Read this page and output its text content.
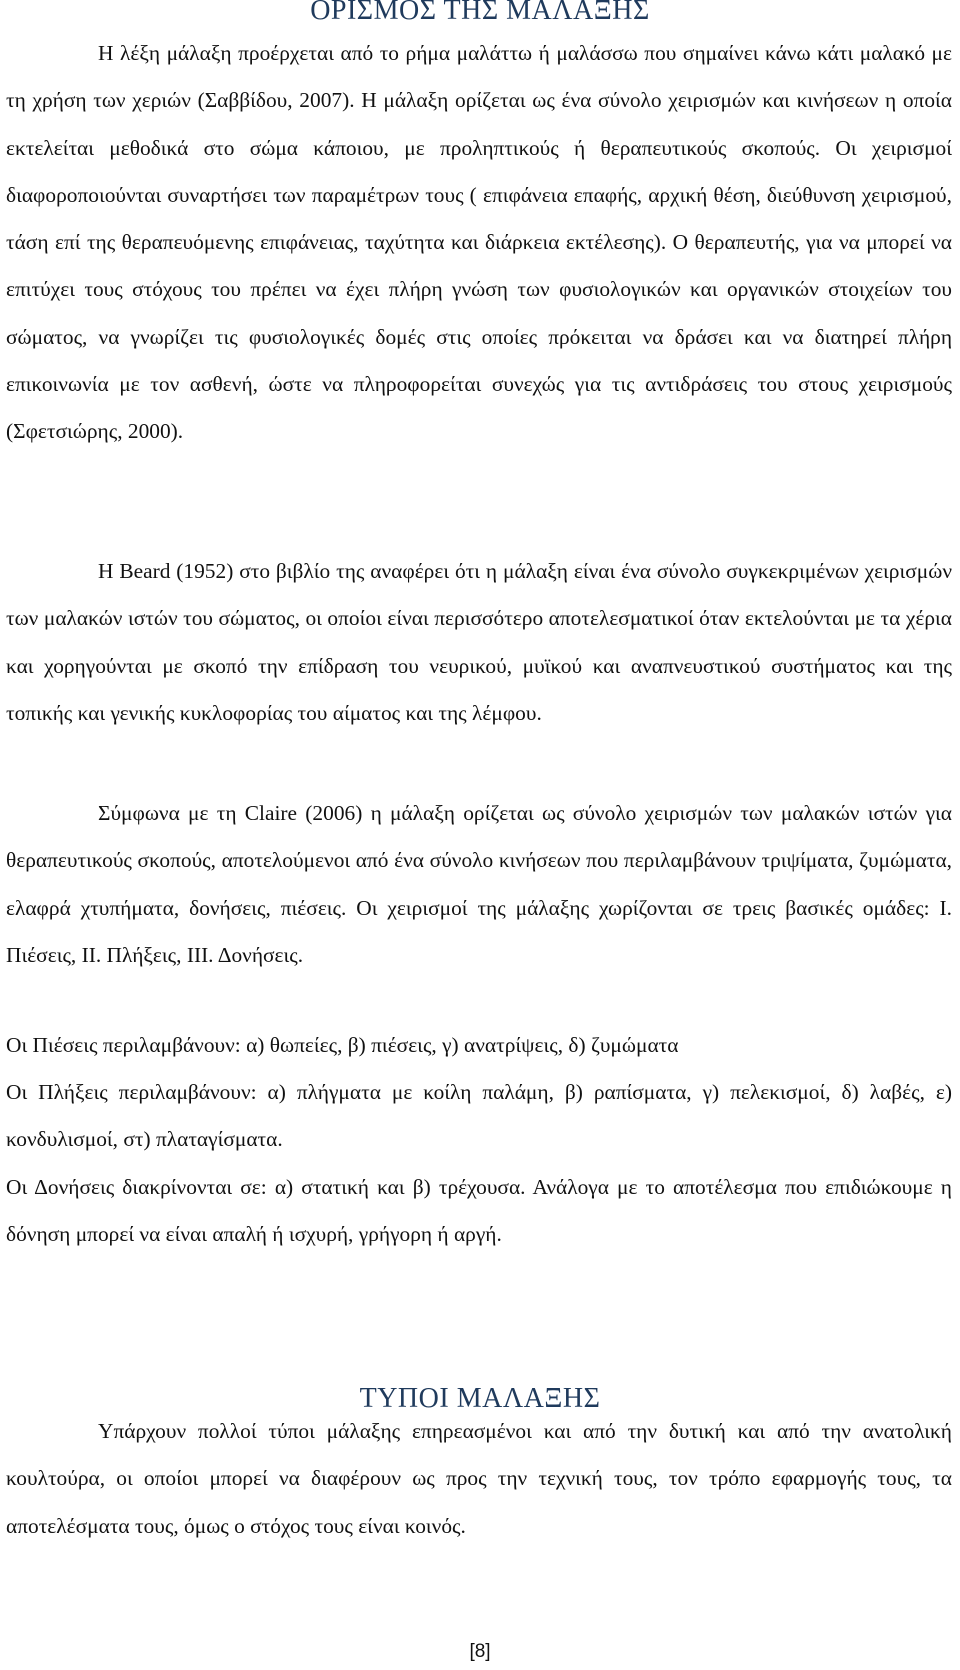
ΟΡΙΣΜΟΣ ΤΗΣ ΜΑΛΑΞΗΣ

Η λέξη μάλαξη προέρχεται από το ρήμα μαλάττω ή μαλάσσω που σημαίνει κάνω κάτι μαλακό με τη χρήση των χεριών (Σαββίδου, 2007). Η μάλαξη ορίζεται ως ένα σύνολο χειρισμών και κινήσεων η οποία εκτελείται μεθοδικά στο σώμα κάποιου, με προληπτικούς ή θεραπευτικούς σκοπούς. Οι χειρισμοί διαφοροποιούνται συναρτήσει των παραμέτρων τους ( επιφάνεια επαφής, αρχική θέση, διεύθυνση χειρισμού, τάση επί της θεραπευόμενης επιφάνειας, ταχύτητα και διάρκεια εκτέλεσης). Ο θεραπευτής, για να μπορεί να επιτύχει τους στόχους του πρέπει να έχει πλήρη γνώση των φυσιολογικών και οργανικών στοιχείων του σώματος, να γνωρίζει τις φυσιολογικές δομές στις οποίες πρόκειται να δράσει και να διατηρεί πλήρη επικοινωνία με τον ασθενή, ώστε να πληροφορείται συνεχώς για τις αντιδράσεις του στους χειρισμούς (Σφετσιώρης, 2000).

Η Beard (1952) στο βιβλίο της αναφέρει ότι η μάλαξη είναι ένα σύνολο συγκεκριμένων χειρισμών των μαλακών ιστών του σώματος, οι οποίοι είναι περισσότερο αποτελεσματικοί όταν εκτελούνται με τα χέρια και χορηγούνται με σκοπό την επίδραση του νευρικού, μυϊκού και αναπνευστικού συστήματος και της τοπικής και γενικής κυκλοφορίας του αίματος και της λέμφου.

Σύμφωνα με τη Claire (2006) η μάλαξη ορίζεται ως σύνολο χειρισμών των μαλακών ιστών για θεραπευτικούς σκοπούς, αποτελούμενοι από ένα σύνολο κινήσεων που περιλαμβάνουν τριψίματα, ζυμώματα, ελαφρά χτυπήματα, δονήσεις, πιέσεις. Οι χειρισμοί της μάλαξης χωρίζονται σε τρεις βασικές ομάδες: Ι. Πιέσεις, ΙΙ. Πλήξεις, ΙΙΙ. Δονήσεις.

Οι Πιέσεις περιλαμβάνουν: α) θωπείες, β) πιέσεις, γ) ανατρίψεις, δ) ζυμώματα

Οι Πλήξεις περιλαμβάνουν: α) πλήγματα με κοίλη παλάμη, β) ραπίσματα, γ) πελεκισμοί, δ) λαβές, ε) κονδυλισμοί, στ) πλαταγίσματα.

Οι Δονήσεις διακρίνονται σε: α) στατική και β) τρέχουσα. Ανάλογα με το αποτέλεσμα που επιδιώκουμε η δόνηση μπορεί να είναι απαλή ή ισχυρή, γρήγορη ή αργή.

ΤΥΠΟΙ ΜΑΛΑΞΗΣ

Υπάρχουν πολλοί τύποι μάλαξης επηρεασμένοι και από την δυτική και από την ανατολική κουλτούρα, οι οποίοι μπορεί να διαφέρουν ως προς την τεχνική τους, τον τρόπο εφαρμογής τους, τα αποτελέσματα τους, όμως ο στόχος τους είναι κοινός.

[8]
